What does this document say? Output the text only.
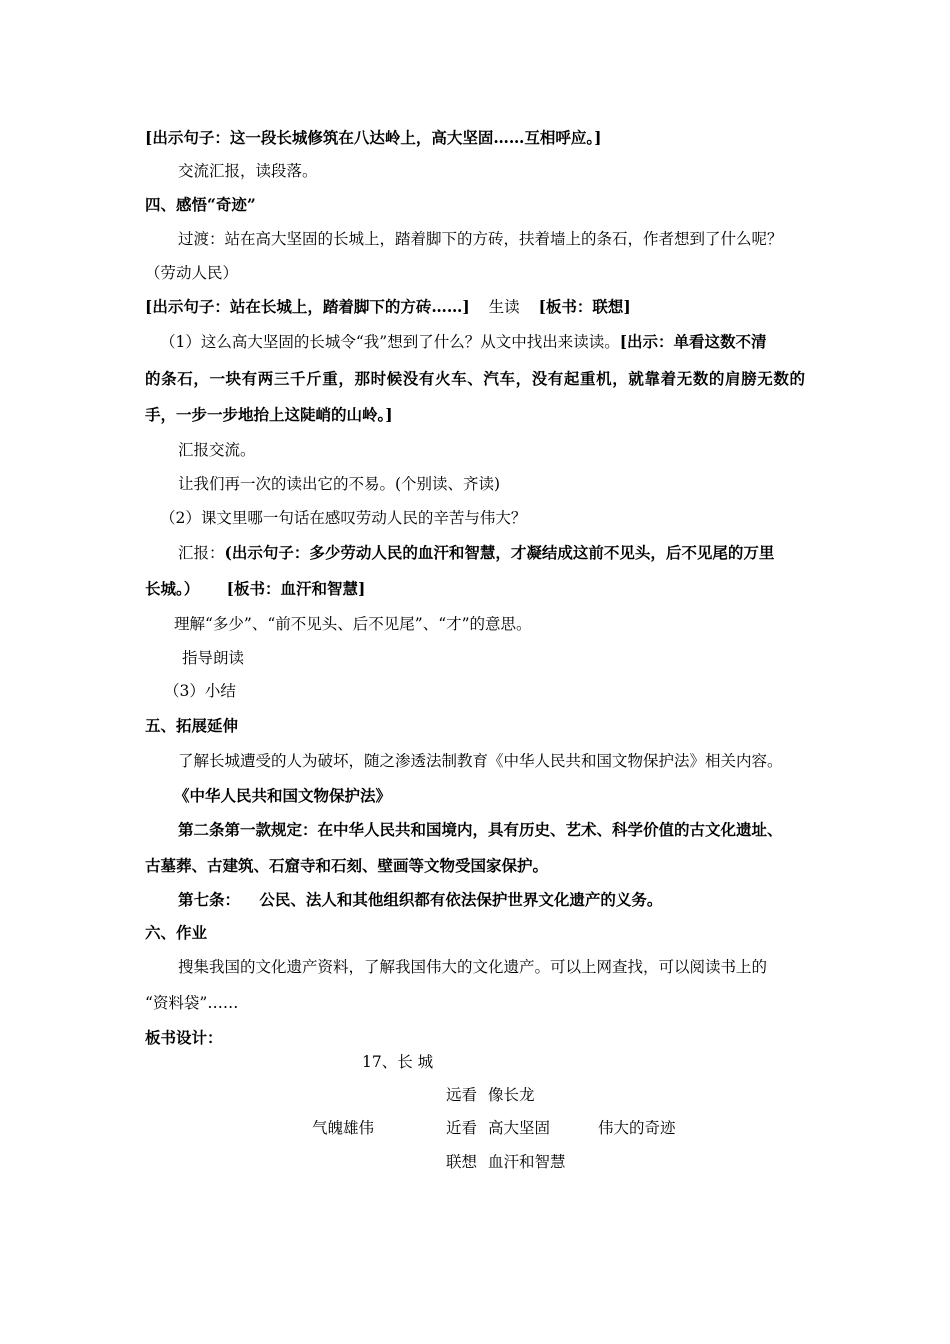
[出示句子：这一段长城修筑在八达岭上，高大坚固……互相呼应。]
交流汇报，读段落。
四、感悟“奇迹”
过渡：站在高大坚固的长城上，踏着脚下的方砖，扶着墙上的条石，作者想到了什么呢？
（劳动人民）
[出示句子：站在长城上，踏着脚下的方砖……] 生读 [板书：联想]
（1）这么高大坚固的长城令“我”想到了什么？从文中找出来读读。[出示：单看这数不清
的条石，一块有两三千斤重，那时候没有火车、汽车，没有起重机，就靠着无数的肩膀无数的
手，一步一步地抬上这陡峭的山岭。]
汇报交流。
让我们再一次的读出它的不易。(个别读、齐读)
（2）课文里哪一句话在感叹劳动人民的辛苦与伟大？
汇报：(出示句子：多少劳动人民的血汗和智慧，才凝结成这前不见头，后不见尾的万里
长城。） [板书：血汗和智慧]
理解“多少”、“前不见头、后不见尾”、“才”的意思。
指导朗读
（3）小结
五、拓展延伸
了解长城遭受的人为破坏，随之渗透法制教育《中华人民共和国文物保护法》相关内容。
《中华人民共和国文物保护法》
第二条第一款规定：在中华人民共和国境内，具有历史、艺术、科学价值的古文化遗址、
古墓葬、古建筑、石窟寺和石刻、壁画等文物受国家保护。
第七条： 公民、法人和其他组织都有依法保护世界文化遗产的义务。
六、作业
搜集我国的文化遗产资料，了解我国伟大的文化遗产。可以上网查找，可以阅读书上的
“资料袋”……
板书设计：
17、长 城
远看 像长龙
气魄雄伟	近看 高大坚固	伟大的奇迹
联想 血汗和智慧
